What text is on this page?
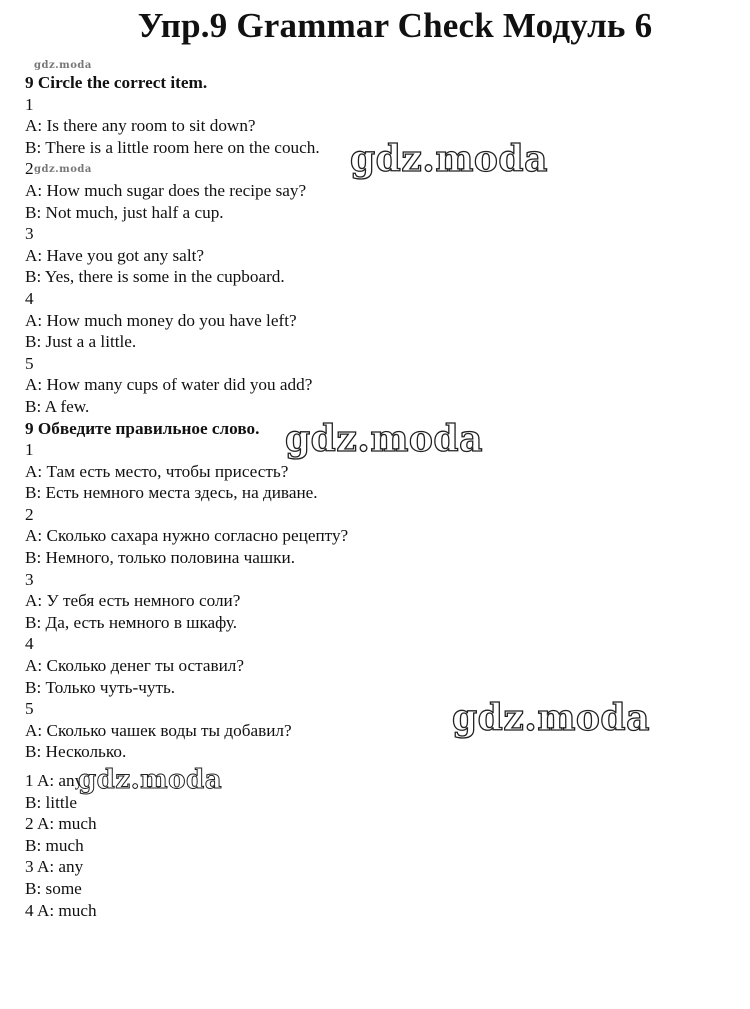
Упр.9 Grammar Check Модуль 6
gdz.moda
gdz.moda
9 Circle the correct item.
1
A: Is there any room to sit down?
B: There is a little room here on the couch.
2
A: How much sugar does the recipe say?
B: Not much, just half a cup.
3
A: Have you got any salt?
B: Yes, there is some in the cupboard.
4
A: How much money do you have left?
B: Just a a little.
5
A: How many cups of water did you add?
B: A few.
9 Обведите правильное слово.
1
A: Там есть место, чтобы присесть?
B: Есть немного места здесь, на диване.
2
A: Сколько сахара нужно согласно рецепту?
B: Немного, только половина чашки.
3
A: У тебя есть немного соли?
B: Да, есть немного в шкафу.
4
A: Сколько денег ты оставил?
B: Только чуть-чуть.
5
A: Сколько чашек воды ты добавил?
B: Несколько.
1 A: any
B: little
2 A: much
B: much
3 A: any
B: some
4 A: much
gdz.moda
gdz.moda
gdz.moda
gdz.moda
